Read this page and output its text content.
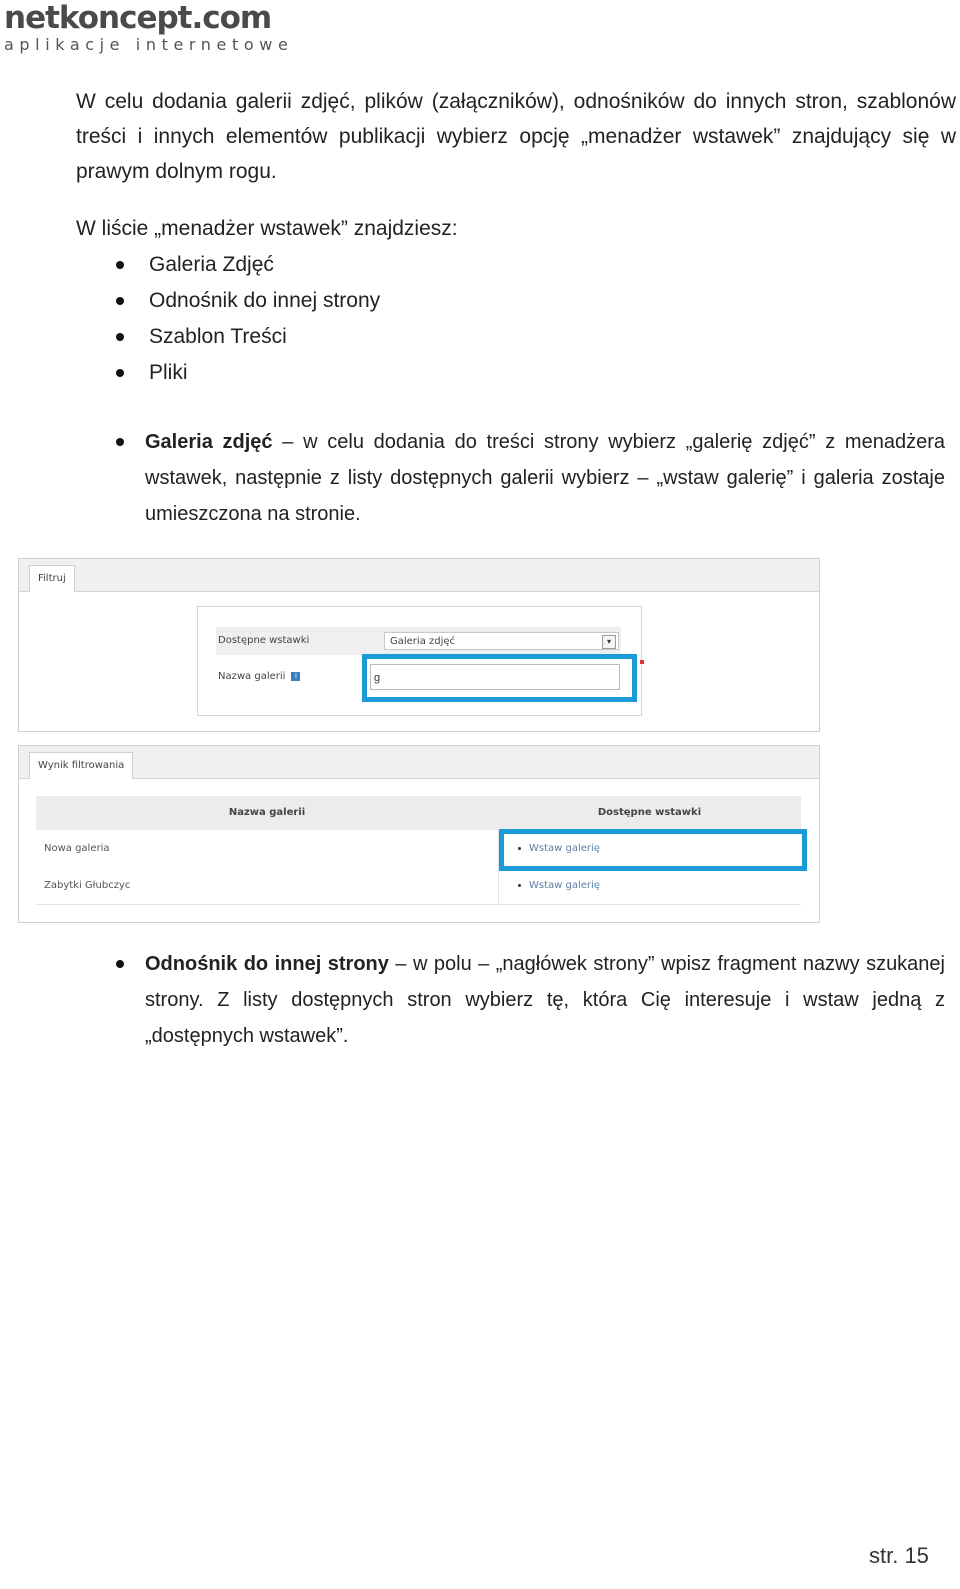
netkoncept.com
aplikacje internetowe
W celu dodania galerii zdjęć, plików (załączników), odnośników do innych stron, szablonów treści i innych elementów publikacji wybierz opcję „menadżer wstawek” znajdujący się w prawym dolnym rogu.
W liście „menadżer wstawek” znajdziesz:
Galeria Zdjęć
Odnośnik do innej strony
Szablon Treści
Pliki
Galeria zdjęć – w celu dodania do treści strony wybierz „galerię zdjęć” z menadżera wstawek, następnie z listy dostępnych galerii wybierz – „wstaw galerię” i galeria zostaje umieszczona na stronie.
Filtruj
Dostępne wstawki	Galeria zdjęć	▾
Nazwa galerii i	g
Wynik filtrowania
Nazwa galerii	Dostępne wstawki
Nowa galeria	Wstaw galerię
Zabytki Głubczyc	Wstaw galerię
Odnośnik do innej strony – w polu – „nagłówek strony” wpisz fragment nazwy szukanej strony. Z listy dostępnych stron wybierz tę, która Cię interesuje i wstaw jedną z „dostępnych wstawek”.
str. 15
